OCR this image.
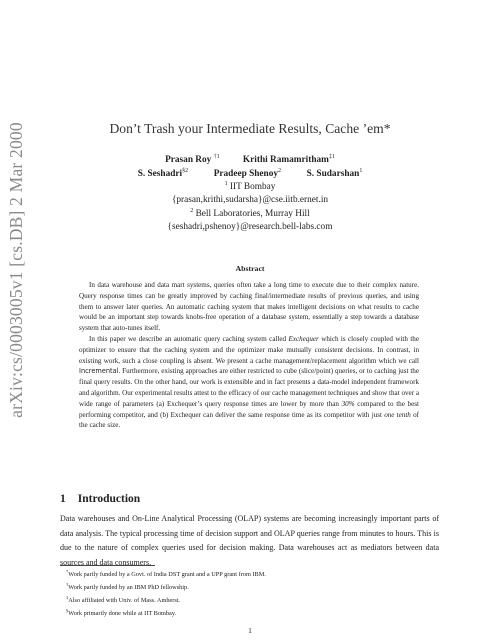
arXiv:cs/0003005v1 [cs.DB] 2 Mar 2000	Don’t Trash your Intermediate Results, Cache ’em*
Prasan Roy $^{\dagger 1}$	Krithi Ramamritham$^{\ddagger 1}$
S. Seshadri$^{\S 2}$	Pradeep Shenoy$^2$	S. Sudarshan$^1$
$^1$ IIT Bombay
{prasan,krithi,sudarsha}@cse.iitb.ernet.in
$^2$ Bell Laboratories, Murray Hill
{seshadri,pshenoy}@research.bell-labs.com
Abstract

In data warehouse and data mart systems, queries often take a long time to execute due to their complex nature. Query response times can be greatly improved by caching final/intermediate results of previous queries, and using them to answer later queries. An automatic caching system that makes intelligent decisions on what results to cache would be an important step towards knobs-free operation of a database system, essentially a step towards a database system that auto-tunes itself.

In this paper we describe an automatic query caching system called Exchequer which is closely coupled with the optimizer to ensure that the caching system and the optimizer make mutually consistent decisions. In contrast, in existing work, such a close coupling is absent. We present a cache management/replacement algorithm which we call Incremental. Furthermore, existing approaches are either restricted to cube (slice/point) queries, or to caching just the final query results. On the other hand, our work is extensible and in fact presents a data-model independent framework and algorithm. Our experimental results attest to the efficacy of our cache management techniques and show that over a wide range of parameters (a) Exchequer’s query response times are lower by more than 30% compared to the best performing competitor, and (b) Exchequer can deliver the same response time as its competitor with just one tenth of the cache size.

1 Introduction

Data warehouses and On-Line Analytical Processing (OLAP) systems are becoming increasingly important parts of data analysis. The typical processing time of decision support and OLAP queries range from minutes to hours. This is due to the nature of complex queries used for decision making. Data warehouses act as mediators between data sources and data consumers.

*Work partly funded by a Govt. of India DST grant and a UPP grant from IBM.
†Work partly funded by an IBM PhD fellowship.
‡Also affiliated with Univ. of Mass. Amherst.
§Work primarily done while at IIT Bombay.
1
